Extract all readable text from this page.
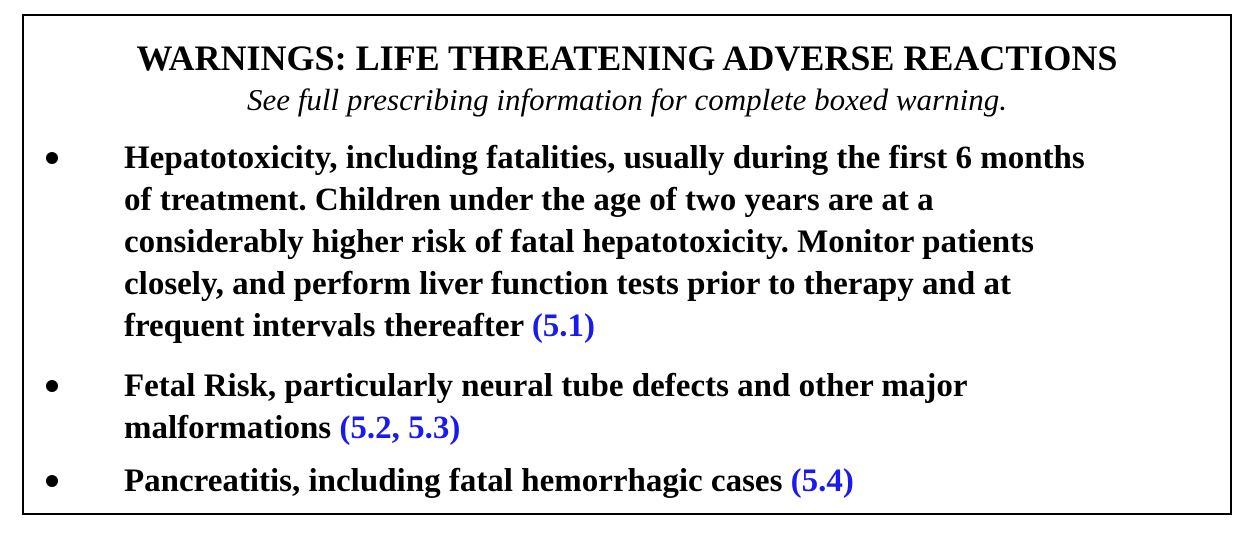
WARNINGS: LIFE THREATENING ADVERSE REACTIONS
See full prescribing information for complete boxed warning.
Hepatotoxicity, including fatalities, usually during the first 6 months
of treatment. Children under the age of two years are at a
considerably higher risk of fatal hepatotoxicity. Monitor patients
closely, and perform liver function tests prior to therapy and at
frequent intervals thereafter (5.1)
Fetal Risk, particularly neural tube defects and other major
malformations (5.2, 5.3)
Pancreatitis, including fatal hemorrhagic cases (5.4)
